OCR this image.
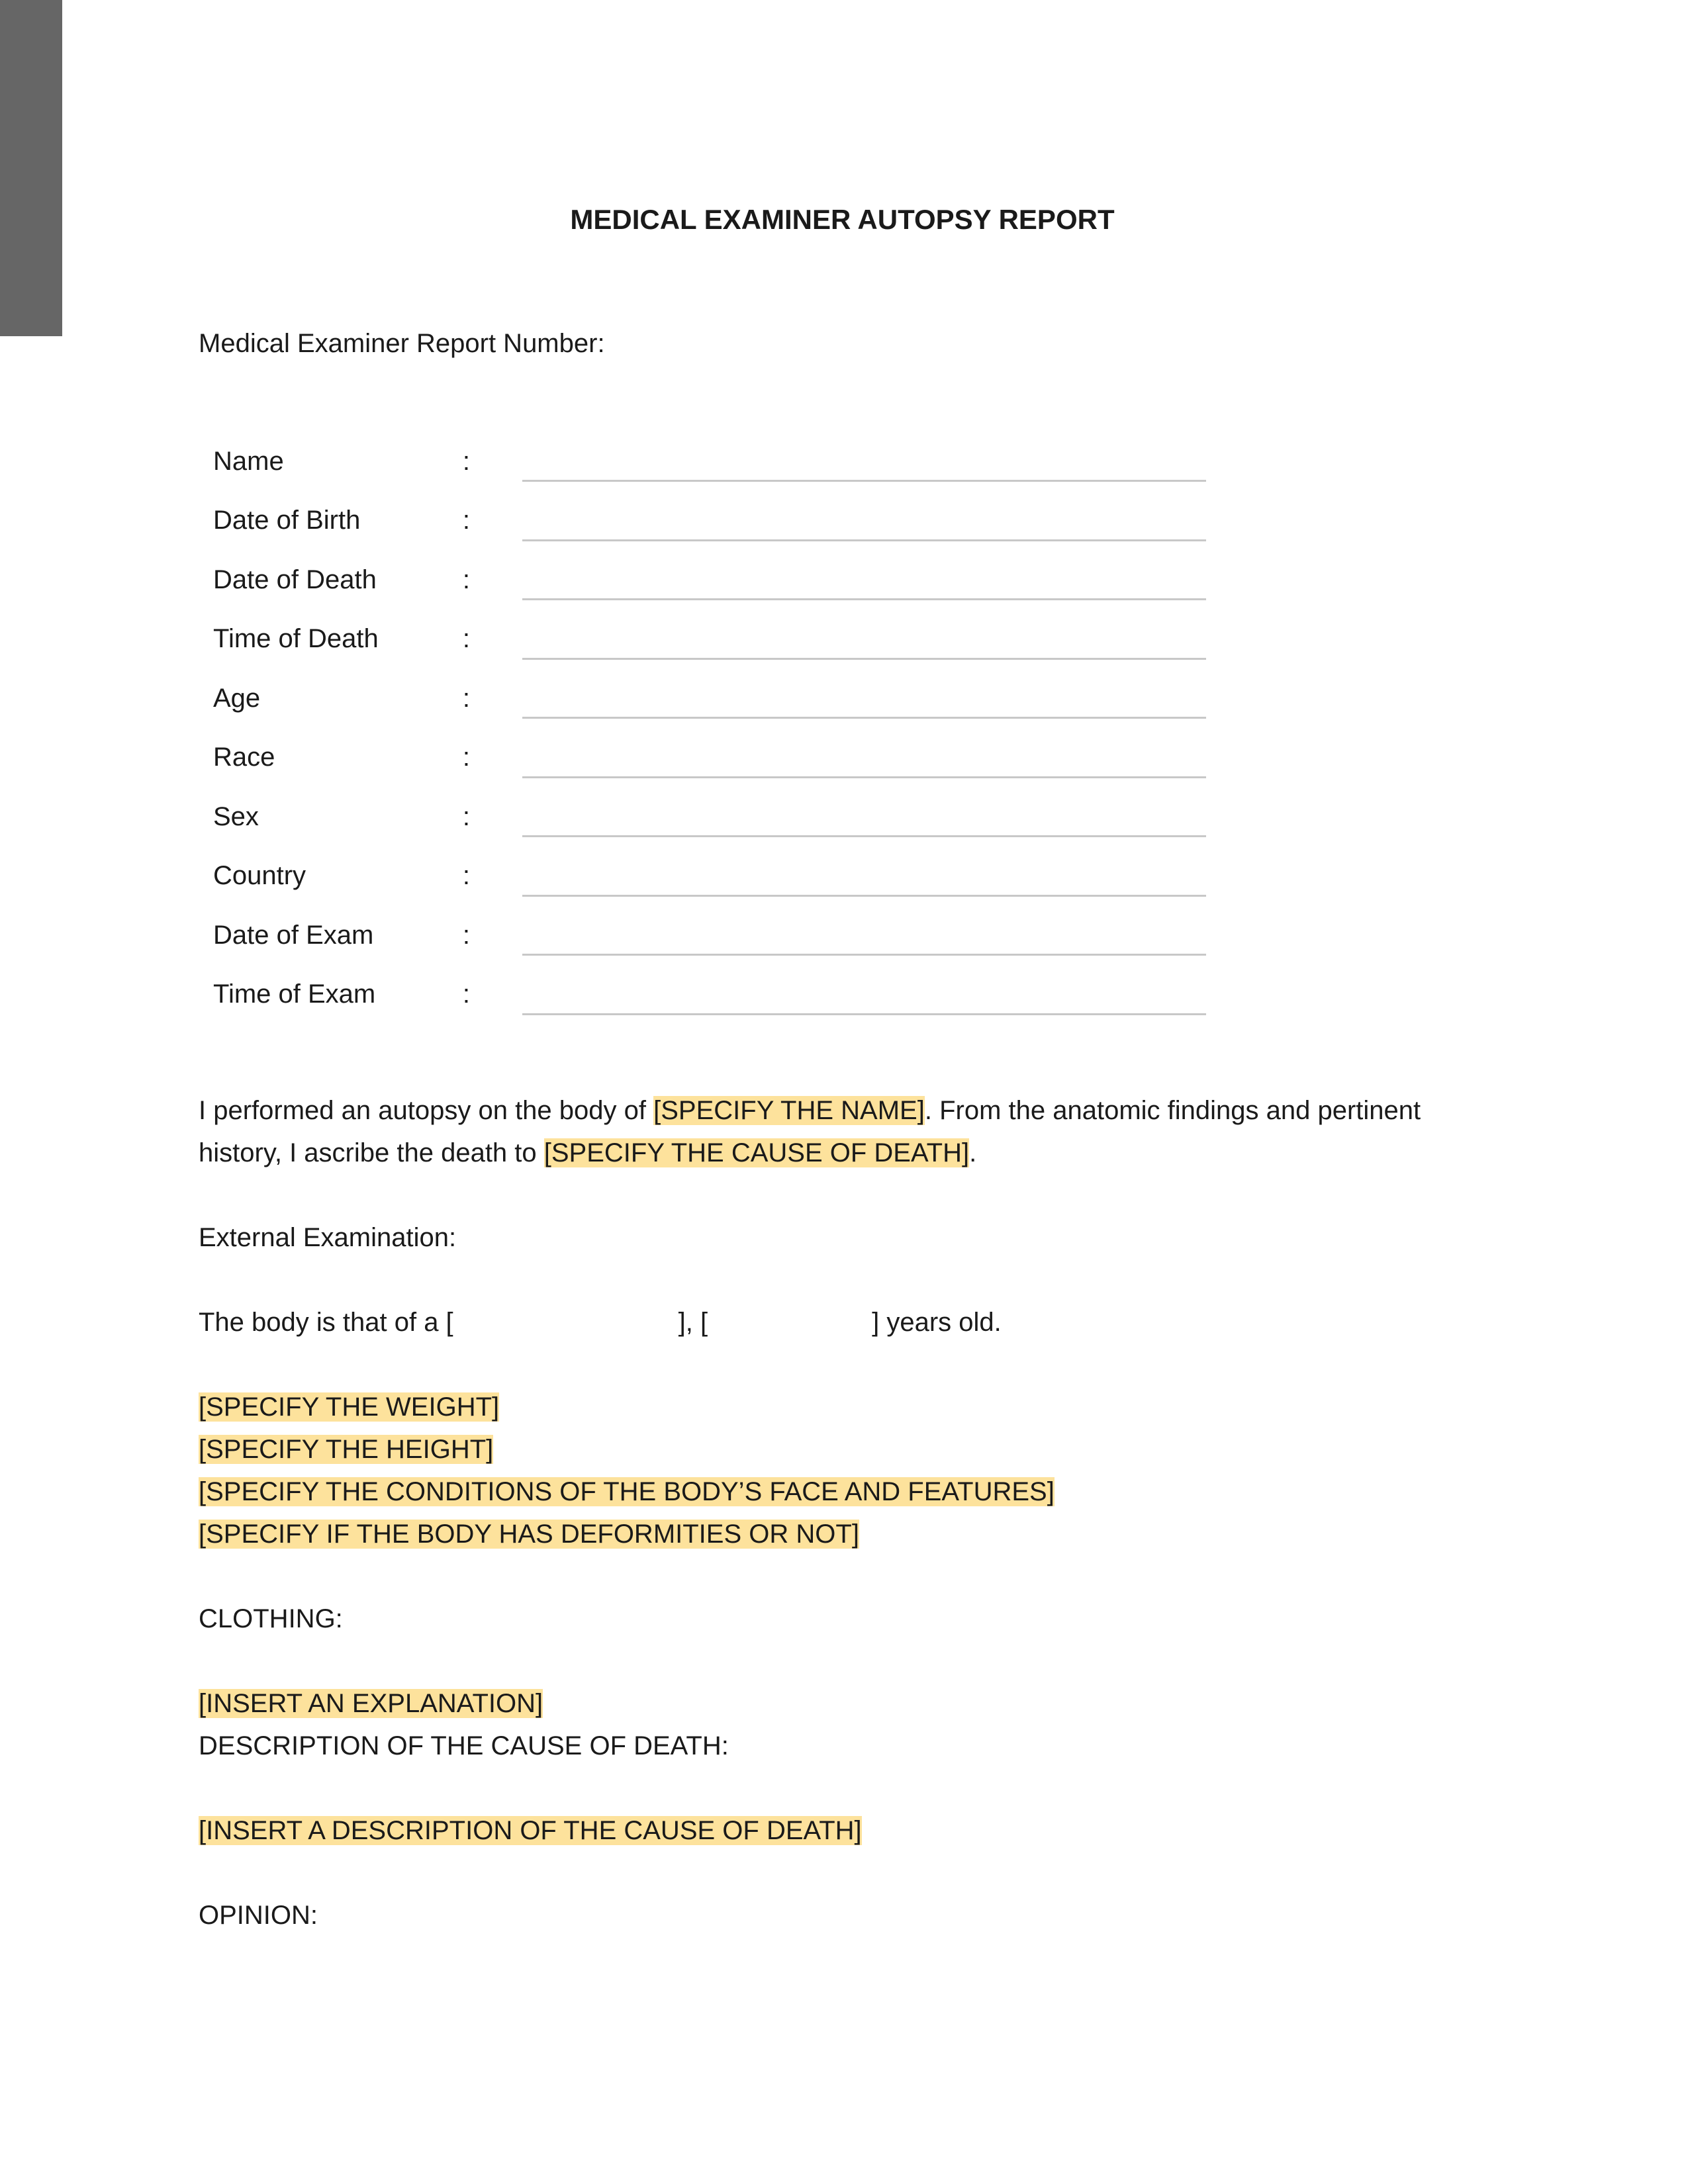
MEDICAL EXAMINER AUTOPSY REPORT

Medical Examiner Report Number:

Name	:	

Date of Birth	:	

Date of Death	:	

Time of Death	:	

Age	:	

Race	:	

Sex	:	

Country	:	

Date of Exam	:	

Time of Exam	:	

I performed an autopsy on the body of [SPECIFY THE NAME]. From the anatomic findings and pertinent

history, I ascribe the death to [SPECIFY THE CAUSE OF DEATH].

External Examination:

The body is that of a [	], [	] years old.

[SPECIFY THE WEIGHT]

[SPECIFY THE HEIGHT]

[SPECIFY THE CONDITIONS OF THE BODY’S FACE AND FEATURES]

[SPECIFY IF THE BODY HAS DEFORMITIES OR NOT]

CLOTHING:

[INSERT AN EXPLANATION]

DESCRIPTION OF THE CAUSE OF DEATH:

[INSERT A DESCRIPTION OF THE CAUSE OF DEATH]

OPINION:
